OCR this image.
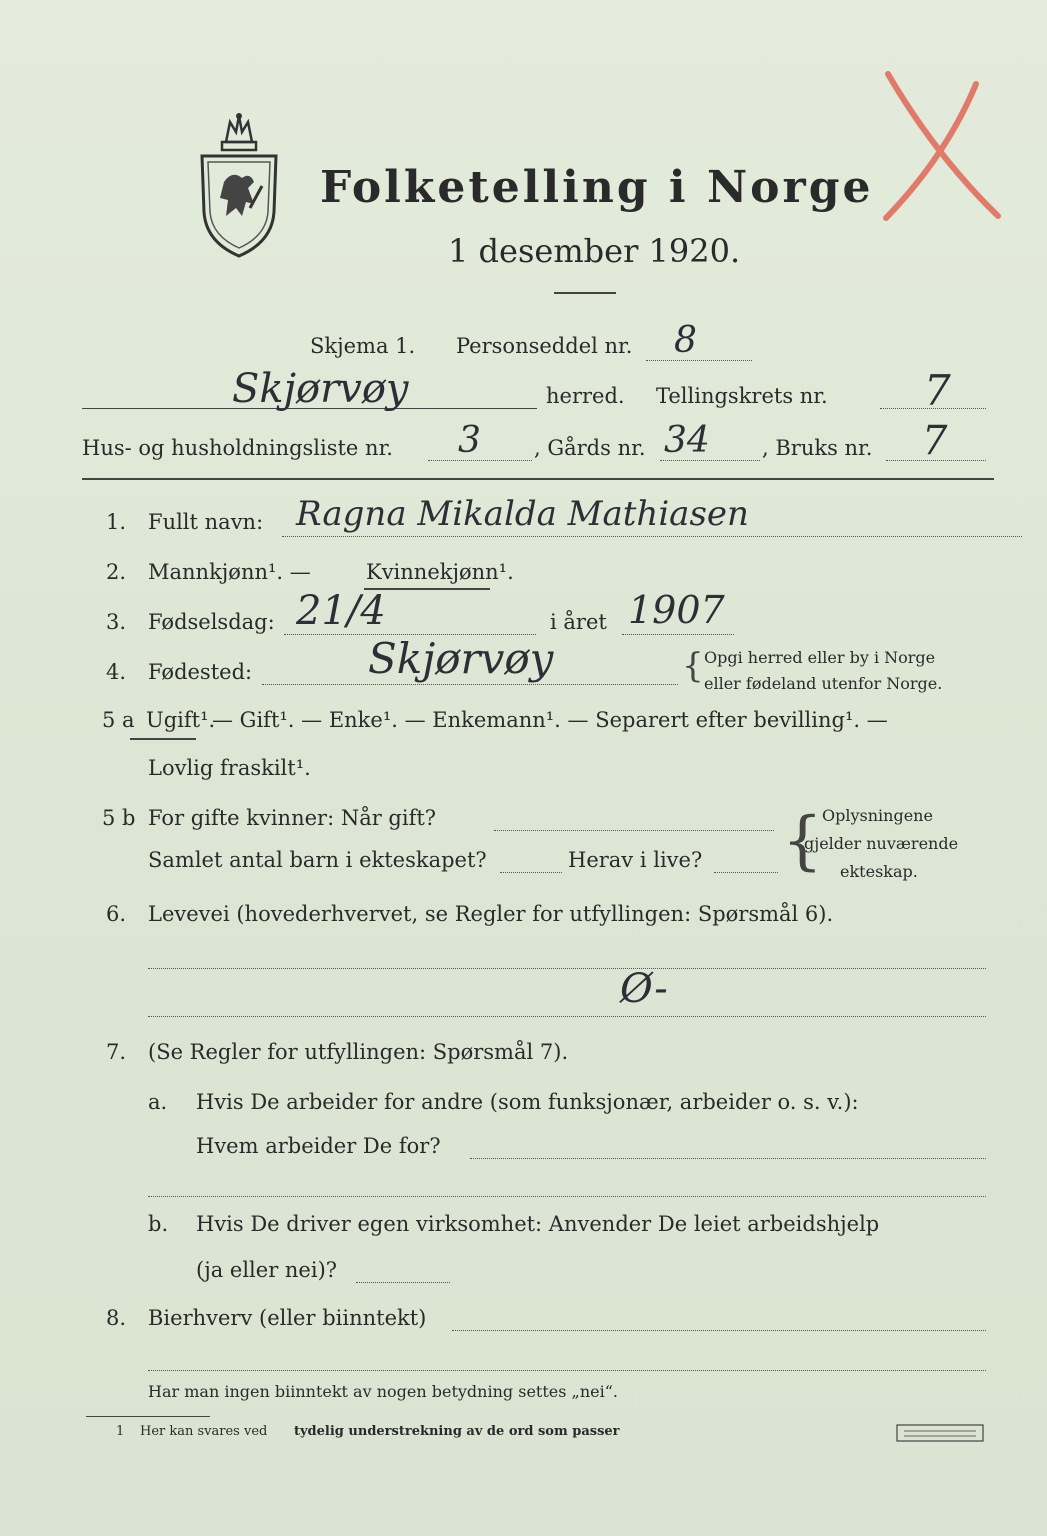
Folketelling i Norge
1 desember 1920.
Skjema 1. Personseddel nr. 8
Skjørvøy	herred. Tellingskrets nr. 7
Hus- og husholdningsliste nr. 3	, Gårds nr. 34 , Bruks nr. 7
1. Fullt navn: Ragna Mikalda Mathiasen
2. Mannkjønn¹. —	Kvinnekjønn¹.
3. Fødselsdag: 21/4	i året 1907
4. Fødested:	Skjørvøy	{ Opgi herred eller by i Norge
eller fødeland utenfor Norge.
5 a Ugift¹.
— Gift¹. — Enke¹. — Enkemann¹. — Separert efter bevilling¹. —
Lovlig fraskilt¹.
5 b For gifte kvinner: Når gift?
Samlet antal barn i ekteskapet?	Herav i live? { Oplysningene
gjelder nuværende
ekteskap.
6. Levevei (hovederhvervet, se Regler for utfyllingen: Spørsmål 6).
Ø-
7. (Se Regler for utfyllingen: Spørsmål 7).
a. Hvis De arbeider for andre (som funksjonær, arbeider o. s. v.):
Hvem arbeider De for?
b. Hvis De driver egen virksomhet: Anvender De leiet arbeidshjelp
(ja eller nei)?
8. Bierhverv (eller biinntekt)
Har man ingen biinntekt av nogen betydning settes „nei“.
1 Her kan svares ved tydelig understrekning av de ord som passer
